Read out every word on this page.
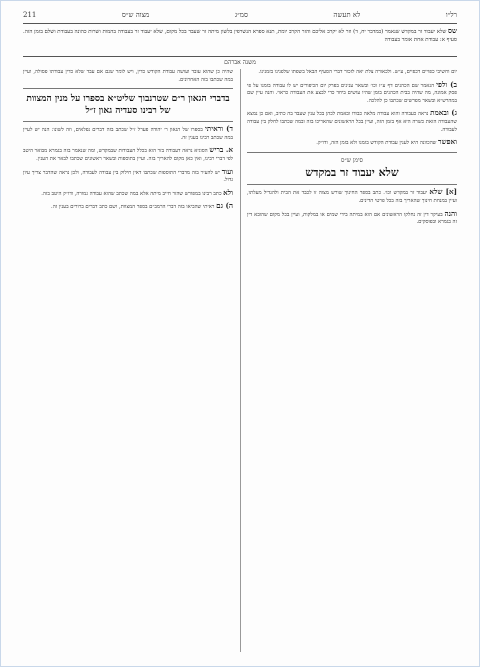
רל״ו
לא תעשה
סמ״ג
מצוה ש״ס
211
שס שלא יעבוד זר במקדש שנאמר (במדבר יח, ד) וזר לא יקרב אליכם והזר הקרב יומת, תנא ספרא הנשרפין בלשון מיתה זר שעבד בכל מקום, שלא יעבוד זר בעבודה בהמות ושרות כהונה בעבודת ושלם בזמן הזה. סעיף א: עבודת אחת אומר בעבודה
משנה אברהם

יום וחשיבי כפויים דכפיים, ע״ש. ולכאורה צלת יאה לזכור דברי הסעיף הבאל בשפתו שלפנינו בזמנינו.

ב) ולפי הנאמר שם הכהנים דף ע״ז וכו׳ ובשאר ענינים בפרק יום הכיפורים יש לו עבודה בזמנו על פי פסק אמונה, מה שהיה בבית הכהנים בזמן שהיו עושים ביחד כדי לבצע את העבודה כראוי. והנה עיין שם במהרש״א ובשאר מפרשים שכתבו כן להלכה.

ג) ובאמת נראה כעבודה והוא עבודה מלאה כבודו ובאמת לכהן בכל ענין שעבד בה כתיב, ואם כן נמצא שהעבודה הזאת כשרה היא אף בזמן הזה, ועיין בכל הראשונים שהאריכו בזה ובמה שכתבו לחלק בין עבודה לעבודה.

ואפשר שהכוונה היא לענין עבודת הקודש בזמנו ולא בזמן הזה, ודו״ק.

סימן ש״ס
שלא יעבוד זר במקדש

[א] שלא יעבוד זר במקדש וכו׳. כתב בספר החינוך שורש מצוה זו לכבד את הבית ולהגדיל מעלתו, ועיין במנחת חינוך שהאריך בזה בכל פרטי הדינים.

והנה בעיקר דין זה נחלקו הראשונים אם הוא במיתה בידי שמים או במלקות, ועיין בכל מקום שהובא דין זה בגמרא ובפוסקים.

שהיה כן שהוא עובד ועושה עבודת הקודש כדין, ויש לומר שגם אם עבד שלא כדין עבודתו פסולה, ועיין במה שכתבו בזה האחרונים.

בדברי הגאון ר״ם שטרנבוך שליט״א בספרו על מנין המצוות של רבינו סעדיה גאון ז״ל

ד) וראיתי בספרו של הגאון ר׳ יהודה פערל ז״ל שכתב בזה דברים נפלאים, וזה לשונו: הנה יש לעיין במה שכתב רבינו בענין זה.

א. בריש הסוגיא נראה דעבודה בזר הוא בכלל העבודות שבמקדש, ומה שנאמר בזה בגמרא מבואר היטב לפי דברי רבינו, ואין כאן מקום להאריך בזה. ועיין בתוספות ובשאר ראשונים שכתבו לבאר את הענין.

ועוד יש להעיר בזה מדברי התוספות שכתבו דאין חילוק בין עבודה לעבודה, ולכן נראה שהדבר צריך עיון גדול.

ולא כתב רבינו במפורש שהזר חייב מיתה אלא במה שכתב שהוא עבודה גמורה, ודו״ק היטב בזה.

ה) גם ראיתי שהביאו בזה דברי הרמב״ם בספר המצוות, ושם כתב דברים ברורים בענין זה.
